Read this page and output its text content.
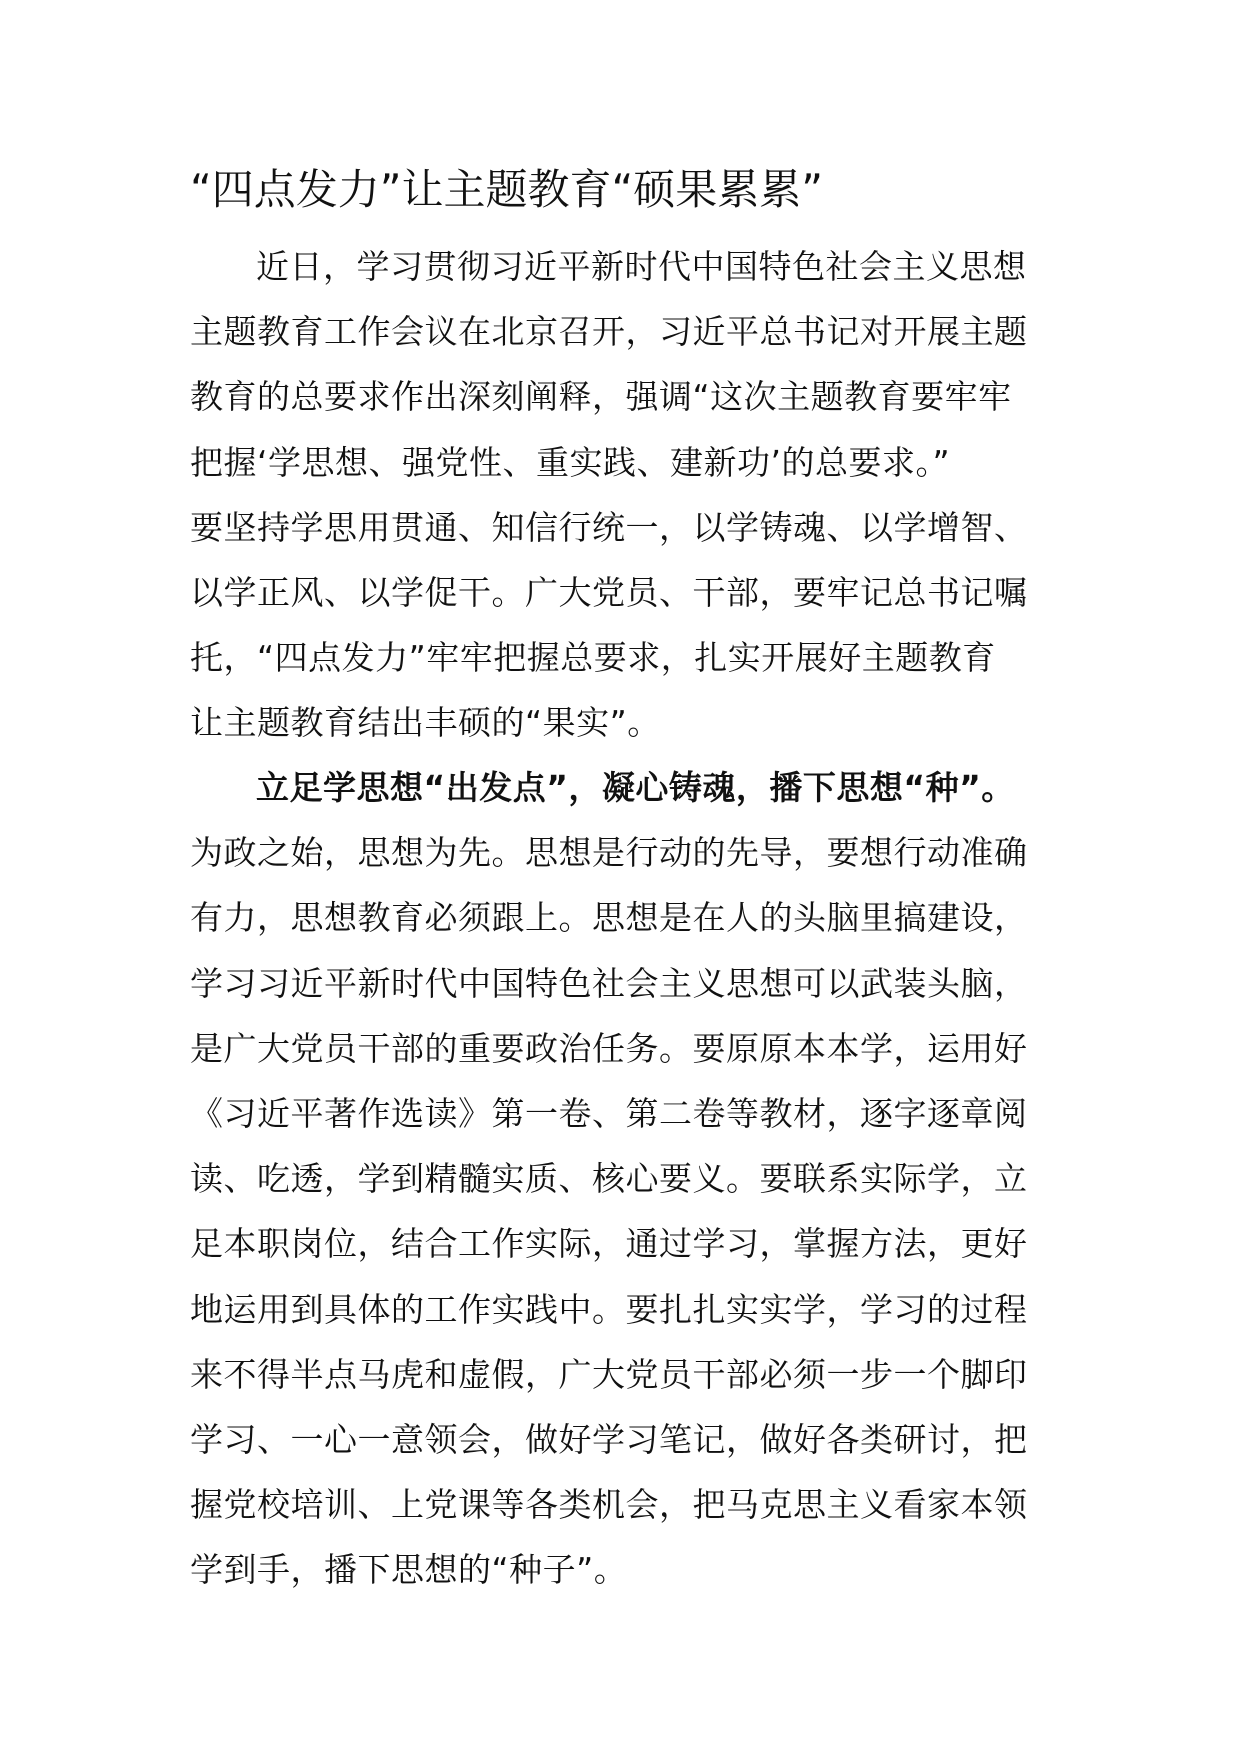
“四点发力”让主题教育“硕果累累”
近日，学习贯彻习近平新时代中国特色社会主义思想
主题教育工作会议在北京召开，习近平总书记对开展主题
教育的总要求作出深刻阐释，强调“这次主题教育要牢牢
把握‘学思想、强党性、重实践、建新功’的总要求。”
要坚持学思用贯通、知信行统一，以学铸魂、以学增智、
以学正风、以学促干。广大党员、干部，要牢记总书记嘱
托，“四点发力”牢牢把握总要求，扎实开展好主题教育
让主题教育结出丰硕的“果实”。
立足学思想“出发点”，凝心铸魂，播下思想“种”。
为政之始，思想为先。思想是行动的先导，要想行动准确
有力，思想教育必须跟上。思想是在人的头脑里搞建设，
学习习近平新时代中国特色社会主义思想可以武装头脑，
是广大党员干部的重要政治任务。要原原本本学，运用好
《习近平著作选读》第一卷、第二卷等教材，逐字逐章阅
读、吃透，学到精髓实质、核心要义。要联系实际学，立
足本职岗位，结合工作实际，通过学习，掌握方法，更好
地运用到具体的工作实践中。要扎扎实实学，学习的过程
来不得半点马虎和虚假，广大党员干部必须一步一个脚印
学习、一心一意领会，做好学习笔记，做好各类研讨，把
握党校培训、上党课等各类机会，把马克思主义看家本领
学到手，播下思想的“种子”。
